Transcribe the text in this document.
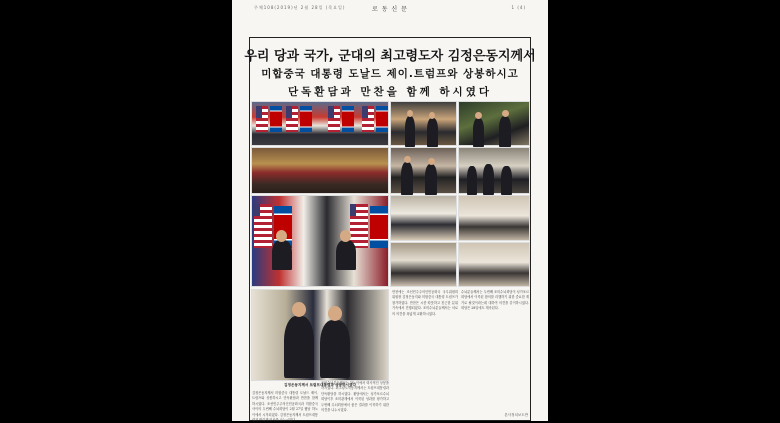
주체108(2019)년 2월 28일 (목요일)	로 동 신 문	1 (4)
우리 당과 국가, 군대의 최고령도자 김정은동지께서
미합중국 대통령 도날드 제이.트럼프와 상봉하시고
단독환담과 만찬을 함께 하시였다
김정은동지께서 트럼프대통령과 상봉하시였다
김정은동지께서 미합중국 대통령 도날드 제이.트럼프와 상봉하시고 단독환담과 만찬을 함께 하시였다. 조선민주주의인민공화국과 미합중국사이의 두번째 수뇌회담이 2월 27일 윁남 하노이에서 시작되였다. 김정은동지께서 트럼프대통령과 반갑게 인사를 나누시였다.
조미수뇌분들께서는 하노이에서 력사적인 상봉을 하시였다. 최고령도자동지께서는 트럼프대통령과 단독환담을 하시였다. 환담에서는 싱가포르수뇌회담이후 조미관계에서 이룩된 성과를 평가하고 두번째 수뇌회담에서 좋은 결과를 이룩하기 위한 의견을 나누시였다.
만찬에는 조선민주주의인민공화국 국무위원회 위원장 김정은동지와 미합중국 대통령 트럼프가 참가하였다. 만찬은 시종 따뜻하고 친근한 분위기속에서 진행되였다. 조미수뇌분들께서는 서로의 의견을 폭넓게 교환하시였다.
수뇌분들께서는 두번째 조미수뇌회담이 싱가포르회담에서 이룩된 합의를 리행하기 위한 중요한 계기로 될것이라는데 대하여 의견을 같이하시였다. 회담은 28일에도 계속된다.
본사정치보도반
